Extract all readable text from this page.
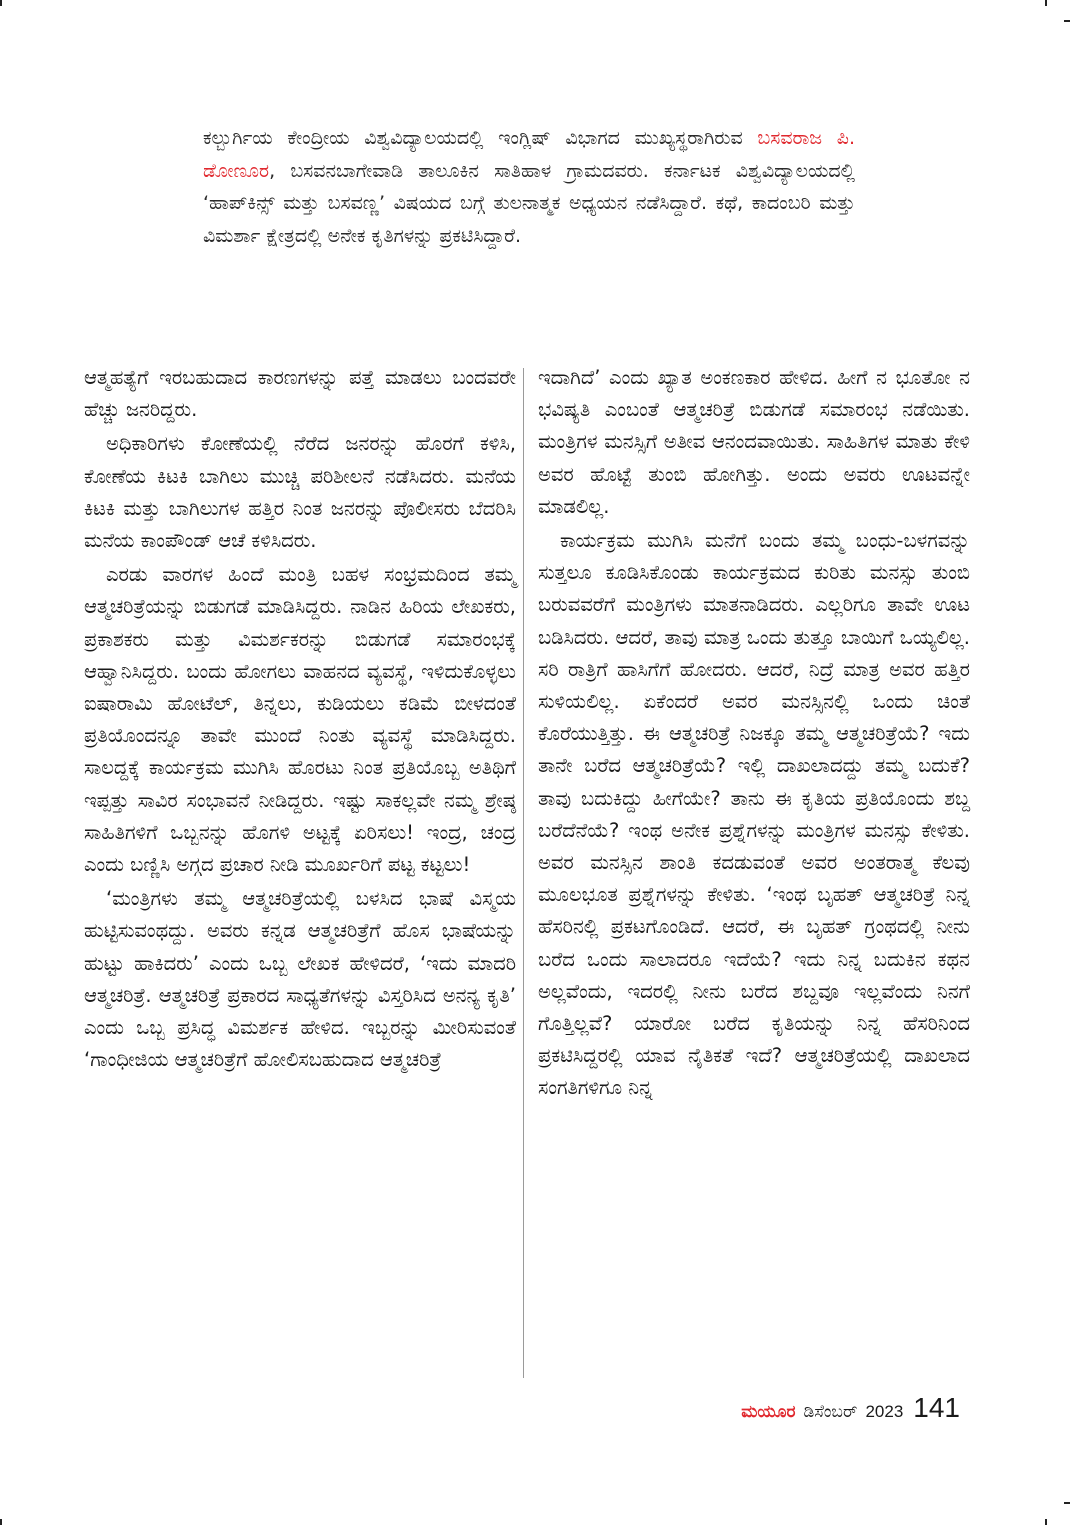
ಕಲ್ಬುರ್ಗಿಯ ಕೇಂದ್ರೀಯ ವಿಶ್ವವಿದ್ಯಾಲಯದಲ್ಲಿ ಇಂಗ್ಲಿಷ್ ವಿಭಾಗದ ಮುಖ್ಯಸ್ಥರಾಗಿರುವ ಬಸವರಾಜ ಪಿ. ಡೋಣೂರ, ಬಸವನಬಾಗೇವಾಡಿ ತಾಲೂಕಿನ ಸಾತಿಹಾಳ ಗ್ರಾಮದವರು. ಕರ್ನಾಟಕ ವಿಶ್ವವಿದ್ಯಾಲಯದಲ್ಲಿ ‘ಹಾಪ್‌ಕಿನ್ಸ್ ಮತ್ತು ಬಸವಣ್ಣ’ ವಿಷಯದ ಬಗ್ಗೆ ತುಲನಾತ್ಮಕ ಅಧ್ಯಯನ ನಡೆಸಿದ್ದಾರೆ. ಕಥೆ, ಕಾದಂಬರಿ ಮತ್ತು ವಿಮರ್ಶಾ ಕ್ಷೇತ್ರದಲ್ಲಿ ಅನೇಕ ಕೃತಿಗಳನ್ನು ಪ್ರಕಟಿಸಿದ್ದಾರೆ.

ಆತ್ಮಹತ್ಯೆಗೆ ಇರಬಹುದಾದ ಕಾರಣಗಳನ್ನು ಪತ್ತೆ ಮಾಡಲು ಬಂದವರೇ ಹೆಚ್ಚು ಜನರಿದ್ದರು.

ಅಧಿಕಾರಿಗಳು ಕೋಣೆಯಲ್ಲಿ ನೆರೆದ ಜನರನ್ನು ಹೊರಗೆ ಕಳಿಸಿ, ಕೋಣೆಯ ಕಿಟಕಿ ಬಾಗಿಲು ಮುಚ್ಚಿ ಪರಿಶೀಲನೆ ನಡೆಸಿದರು. ಮನೆಯ ಕಿಟಕಿ ಮತ್ತು ಬಾಗಿಲುಗಳ ಹತ್ತಿರ ನಿಂತ ಜನರನ್ನು ಪೊಲೀಸರು ಬೆದರಿಸಿ ಮನೆಯ ಕಾಂಪೌಂಡ್ ಆಚೆ ಕಳಿಸಿದರು.

ಎರಡು ವಾರಗಳ ಹಿಂದೆ ಮಂತ್ರಿ ಬಹಳ ಸಂಭ್ರಮದಿಂದ ತಮ್ಮ ಆತ್ಮಚರಿತ್ರೆಯನ್ನು ಬಿಡುಗಡೆ ಮಾಡಿಸಿದ್ದರು. ನಾಡಿನ ಹಿರಿಯ ಲೇಖಕರು, ಪ್ರಕಾಶಕರು ಮತ್ತು ವಿಮರ್ಶಕರನ್ನು ಬಿಡುಗಡೆ ಸಮಾರಂಭಕ್ಕೆ ಆಹ್ವಾನಿಸಿದ್ದರು. ಬಂದು ಹೋಗಲು ವಾಹನದ ವ್ಯವಸ್ಥೆ, ಇಳಿದುಕೊಳ್ಳಲು ಐಷಾರಾಮಿ ಹೋಟೆಲ್, ತಿನ್ನಲು, ಕುಡಿಯಲು ಕಡಿಮೆ ಬೀಳದಂತೆ ಪ್ರತಿಯೊಂದನ್ನೂ ತಾವೇ ಮುಂದೆ ನಿಂತು ವ್ಯವಸ್ಥೆ ಮಾಡಿಸಿದ್ದರು. ಸಾಲದ್ದಕ್ಕೆ ಕಾರ್ಯಕ್ರಮ ಮುಗಿಸಿ ಹೊರಟು ನಿಂತ ಪ್ರತಿಯೊಬ್ಬ ಅತಿಥಿಗೆ ಇಪ್ಪತ್ತು ಸಾವಿರ ಸಂಭಾವನೆ ನೀಡಿದ್ದರು. ಇಷ್ಟು ಸಾಕಲ್ಲವೇ ನಮ್ಮ ಶ್ರೇಷ್ಠ ಸಾಹಿತಿಗಳಿಗೆ ಒಬ್ಬನನ್ನು ಹೊಗಳಿ ಅಟ್ಟಕ್ಕೆ ಏರಿಸಲು! ಇಂದ್ರ, ಚಂದ್ರ ಎಂದು ಬಣ್ಣಿಸಿ ಅಗ್ಗದ ಪ್ರಚಾರ ನೀಡಿ ಮೂರ್ಖರಿಗೆ ಪಟ್ಟ ಕಟ್ಟಲು!

‘ಮಂತ್ರಿಗಳು ತಮ್ಮ ಆತ್ಮಚರಿತ್ರೆಯಲ್ಲಿ ಬಳಸಿದ ಭಾಷೆ ವಿಸ್ಮಯ ಹುಟ್ಟಿಸುವಂಥದ್ದು. ಅವರು ಕನ್ನಡ ಆತ್ಮಚರಿತ್ರೆಗೆ ಹೊಸ ಭಾಷೆಯನ್ನು ಹುಟ್ಟು ಹಾಕಿದರು’ ಎಂದು ಒಬ್ಬ ಲೇಖಕ ಹೇಳಿದರೆ, ‘ಇದು ಮಾದರಿ ಆತ್ಮಚರಿತ್ರೆ. ಆತ್ಮಚರಿತ್ರೆ ಪ್ರಕಾರದ ಸಾಧ್ಯತೆಗಳನ್ನು ವಿಸ್ತರಿಸಿದ ಅನನ್ಯ ಕೃತಿ’ ಎಂದು ಒಬ್ಬ ಪ್ರಸಿದ್ಧ ವಿಮರ್ಶಕ ಹೇಳಿದ. ಇಬ್ಬರನ್ನು ಮೀರಿಸುವಂತೆ ‘ಗಾಂಧೀಜಿಯ ಆತ್ಮಚರಿತ್ರೆಗೆ ಹೋಲಿಸಬಹುದಾದ ಆತ್ಮಚರಿತ್ರೆ

ಇದಾಗಿದೆ’ ಎಂದು ಖ್ಯಾತ ಅಂಕಣಕಾರ ಹೇಳಿದ. ಹೀಗೆ ನ ಭೂತೋ ನ ಭವಿಷ್ಯತಿ ಎಂಬಂತೆ ಆತ್ಮಚರಿತ್ರೆ ಬಿಡುಗಡೆ ಸಮಾರಂಭ ನಡೆಯಿತು. ಮಂತ್ರಿಗಳ ಮನಸ್ಸಿಗೆ ಅತೀವ ಆನಂದವಾಯಿತು. ಸಾಹಿತಿಗಳ ಮಾತು ಕೇಳಿ ಅವರ ಹೊಟ್ಟೆ ತುಂಬಿ ಹೋಗಿತ್ತು. ಅಂದು ಅವರು ಊಟವನ್ನೇ ಮಾಡಲಿಲ್ಲ.

ಕಾರ್ಯಕ್ರಮ ಮುಗಿಸಿ ಮನೆಗೆ ಬಂದು ತಮ್ಮ ಬಂಧು-ಬಳಗವನ್ನು ಸುತ್ತಲೂ ಕೂಡಿಸಿಕೊಂಡು ಕಾರ್ಯಕ್ರಮದ ಕುರಿತು ಮನಸ್ಸು ತುಂಬಿ ಬರುವವರೆಗೆ ಮಂತ್ರಿಗಳು ಮಾತನಾಡಿದರು. ಎಲ್ಲರಿಗೂ ತಾವೇ ಊಟ ಬಡಿಸಿದರು. ಆದರೆ, ತಾವು ಮಾತ್ರ ಒಂದು ತುತ್ತೂ ಬಾಯಿಗೆ ಒಯ್ಯಲಿಲ್ಲ. ಸರಿ ರಾತ್ರಿಗೆ ಹಾಸಿಗೆಗೆ ಹೋದರು. ಆದರೆ, ನಿದ್ರೆ ಮಾತ್ರ ಅವರ ಹತ್ತಿರ ಸುಳಿಯಲಿಲ್ಲ. ಏಕೆಂದರೆ ಅವರ ಮನಸ್ಸಿನಲ್ಲಿ ಒಂದು ಚಿಂತೆ ಕೊರೆಯುತ್ತಿತ್ತು. ಈ ಆತ್ಮಚರಿತ್ರೆ ನಿಜಕ್ಕೂ ತಮ್ಮ ಆತ್ಮಚರಿತ್ರೆಯೆ? ಇದು ತಾನೇ ಬರೆದ ಆತ್ಮಚರಿತ್ರೆಯೆ? ಇಲ್ಲಿ ದಾಖಲಾದದ್ದು ತಮ್ಮ ಬದುಕೆ? ತಾವು ಬದುಕಿದ್ದು ಹೀಗೆಯೇ? ತಾನು ಈ ಕೃತಿಯ ಪ್ರತಿಯೊಂದು ಶಬ್ದ ಬರೆದೆನೆಯೆ? ಇಂಥ ಅನೇಕ ಪ್ರಶ್ನೆಗಳನ್ನು ಮಂತ್ರಿಗಳ ಮನಸ್ಸು ಕೇಳಿತು. ಅವರ ಮನಸ್ಸಿನ ಶಾಂತಿ ಕದಡುವಂತೆ ಅವರ ಅಂತರಾತ್ಮ ಕೆಲವು ಮೂಲಭೂತ ಪ್ರಶ್ನೆಗಳನ್ನು ಕೇಳಿತು. ‘ಇಂಥ ಬೃಹತ್ ಆತ್ಮಚರಿತ್ರೆ ನಿನ್ನ ಹೆಸರಿನಲ್ಲಿ ಪ್ರಕಟಗೊಂಡಿದೆ. ಆದರೆ, ಈ ಬೃಹತ್ ಗ್ರಂಥದಲ್ಲಿ ನೀನು ಬರೆದ ಒಂದು ಸಾಲಾದರೂ ಇದೆಯೆ? ಇದು ನಿನ್ನ ಬದುಕಿನ ಕಥನ ಅಲ್ಲವೆಂದು, ಇದರಲ್ಲಿ ನೀನು ಬರೆದ ಶಬ್ದವೂ ಇಲ್ಲವೆಂದು ನಿನಗೆ ಗೊತ್ತಿಲ್ಲವೆ? ಯಾರೋ ಬರೆದ ಕೃತಿಯನ್ನು ನಿನ್ನ ಹೆಸರಿನಿಂದ ಪ್ರಕಟಿಸಿದ್ದರಲ್ಲಿ ಯಾವ ನೈತಿಕತೆ ಇದೆ? ಆತ್ಮಚರಿತ್ರೆಯಲ್ಲಿ ದಾಖಲಾದ ಸಂಗತಿಗಳಿಗೂ ನಿನ್ನ

ಮಯೂರ ಡಿಸೆಂಬರ್ 2023 141
